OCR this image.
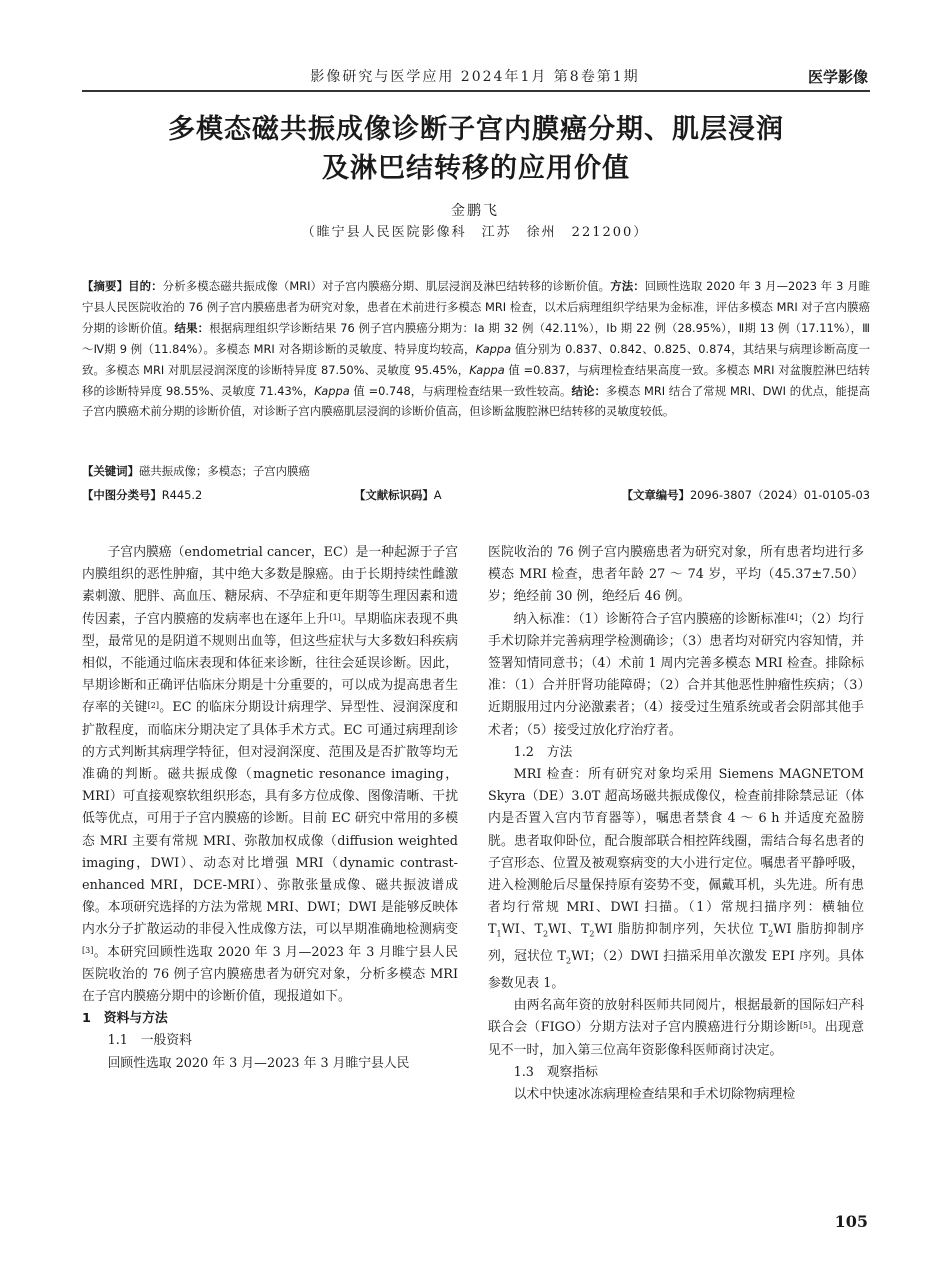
影像研究与医学应用 2024年1月 第8卷第1期	医学影像
多模态磁共振成像诊断子宫内膜癌分期、肌层浸润
及淋巴结转移的应用价值
金鹏飞
（睢宁县人民医院影像科　江苏　徐州　221200）
【摘要】目的：分析多模态磁共振成像（MRI）对子宫内膜癌分期、肌层浸润及淋巴结转移的诊断价值。方法：回顾性选取 2020 年 3 月—2023 年 3 月睢宁县人民医院收治的 76 例子宫内膜癌患者为研究对象，患者在术前进行多模态 MRI 检查，以术后病理组织学结果为金标准，评估多模态 MRI 对子宫内膜癌分期的诊断价值。结果：根据病理组织学诊断结果 76 例子宫内膜癌分期为：Ⅰa 期 32 例（42.11%），Ⅰb 期 22 例（28.95%），Ⅱ期 13 例（17.11%），Ⅲ～Ⅳ期 9 例（11.84%）。多模态 MRI 对各期诊断的灵敏度、特异度均较高，Kappa 值分别为 0.837、0.842、0.825、0.874，其结果与病理诊断高度一致。多模态 MRI 对肌层浸润深度的诊断特异度 87.50%、灵敏度 95.45%，Kappa 值 =0.837，与病理检查结果高度一致。多模态 MRI 对盆腹腔淋巴结转移的诊断特异度 98.55%、灵敏度 71.43%，Kappa 值 =0.748，与病理检查结果一致性较高。结论：多模态 MRI 结合了常规 MRI、DWI 的优点，能提高子宫内膜癌术前分期的诊断价值，对诊断子宫内膜癌肌层浸润的诊断价值高，但诊断盆腹腔淋巴结转移的灵敏度较低。
【关键词】磁共振成像；多模态；子宫内膜癌
【中图分类号】R445.2	【文献标识码】A	【文章编号】2096-3807（2024）01-0105-03

子宫内膜癌（endometrial cancer，EC）是一种起源于子宫内膜组织的恶性肿瘤，其中绝大多数是腺癌。由于长期持续性雌激素刺激、肥胖、高血压、糖尿病、不孕症和更年期等生理因素和遗传因素，子宫内膜癌的发病率也在逐年上升[1]。早期临床表现不典型，最常见的是阴道不规则出血等，但这些症状与大多数妇科疾病相似，不能通过临床表现和体征来诊断，往往会延误诊断。因此，早期诊断和正确评估临床分期是十分重要的，可以成为提高患者生存率的关键[2]。EC 的临床分期设计病理学、异型性、浸润深度和扩散程度，而临床分期决定了具体手术方式。EC 可通过病理刮诊的方式判断其病理学特征，但对浸润深度、范围及是否扩散等均无准确的判断。磁共振成像（magnetic resonance imaging，MRI）可直接观察软组织形态，具有多方位成像、图像清晰、干扰低等优点，可用于子宫内膜癌的诊断。目前 EC 研究中常用的多模态 MRI 主要有常规 MRI、弥散加权成像（diffusion weighted imaging，DWI）、动态对比增强 MRI（dynamic contrast-enhanced MRI，DCE-MRI）、弥散张量成像、磁共振波谱成像。本项研究选择的方法为常规 MRI、DWI；DWI 是能够反映体内水分子扩散运动的非侵入性成像方法，可以早期准确地检测病变[3]。本研究回顾性选取 2020 年 3 月—2023 年 3 月睢宁县人民医院收治的 76 例子宫内膜癌患者为研究对象，分析多模态 MRI 在子宫内膜癌分期中的诊断价值，现报道如下。

1　资料与方法

1.1　一般资料

回顾性选取 2020 年 3 月—2023 年 3 月睢宁县人民

医院收治的 76 例子宫内膜癌患者为研究对象，所有患者均进行多模态 MRI 检查，患者年龄 27 ～ 74 岁，平均（45.37±7.50）岁；绝经前 30 例，绝经后 46 例。

纳入标准：（1）诊断符合子宫内膜癌的诊断标准[4]；（2）均行手术切除并完善病理学检测确诊；（3）患者均对研究内容知情，并签署知情同意书；（4）术前 1 周内完善多模态 MRI 检查。排除标准：（1）合并肝肾功能障碍；（2）合并其他恶性肿瘤性疾病；（3）近期服用过内分泌激素者；（4）接受过生殖系统或者会阴部其他手术者；（5）接受过放化疗治疗者。

1.2　方法

MRI 检查：所有研究对象均采用 Siemens MAGNETOM Skyra（DE）3.0T 超高场磁共振成像仪，检查前排除禁忌证（体内是否置入宫内节育器等），嘱患者禁食 4 ～ 6 h 并适度充盈膀胱。患者取仰卧位，配合腹部联合相控阵线圈，需结合每名患者的子宫形态、位置及被观察病变的大小进行定位。嘱患者平静呼吸，进入检测舱后尽量保持原有姿势不变，佩戴耳机，头先进。所有患者均行常规 MRI、DWI 扫描。（1）常规扫描序列：横轴位 $T_1WI$、$T_2WI$、$T_2WI$ 脂肪抑制序列，矢状位 $T_2WI$ 脂肪抑制序列，冠状位 $T_2WI$；（2）DWI 扫描采用单次激发 EPI 序列。具体参数见表 1。

由两名高年资的放射科医师共同阅片，根据最新的国际妇产科联合会（FIGO）分期方法对子宫内膜癌进行分期诊断[5]。出现意见不一时，加入第三位高年资影像科医师商讨决定。

1.3　观察指标

以术中快速冰冻病理检查结果和手术切除物病理检

105
